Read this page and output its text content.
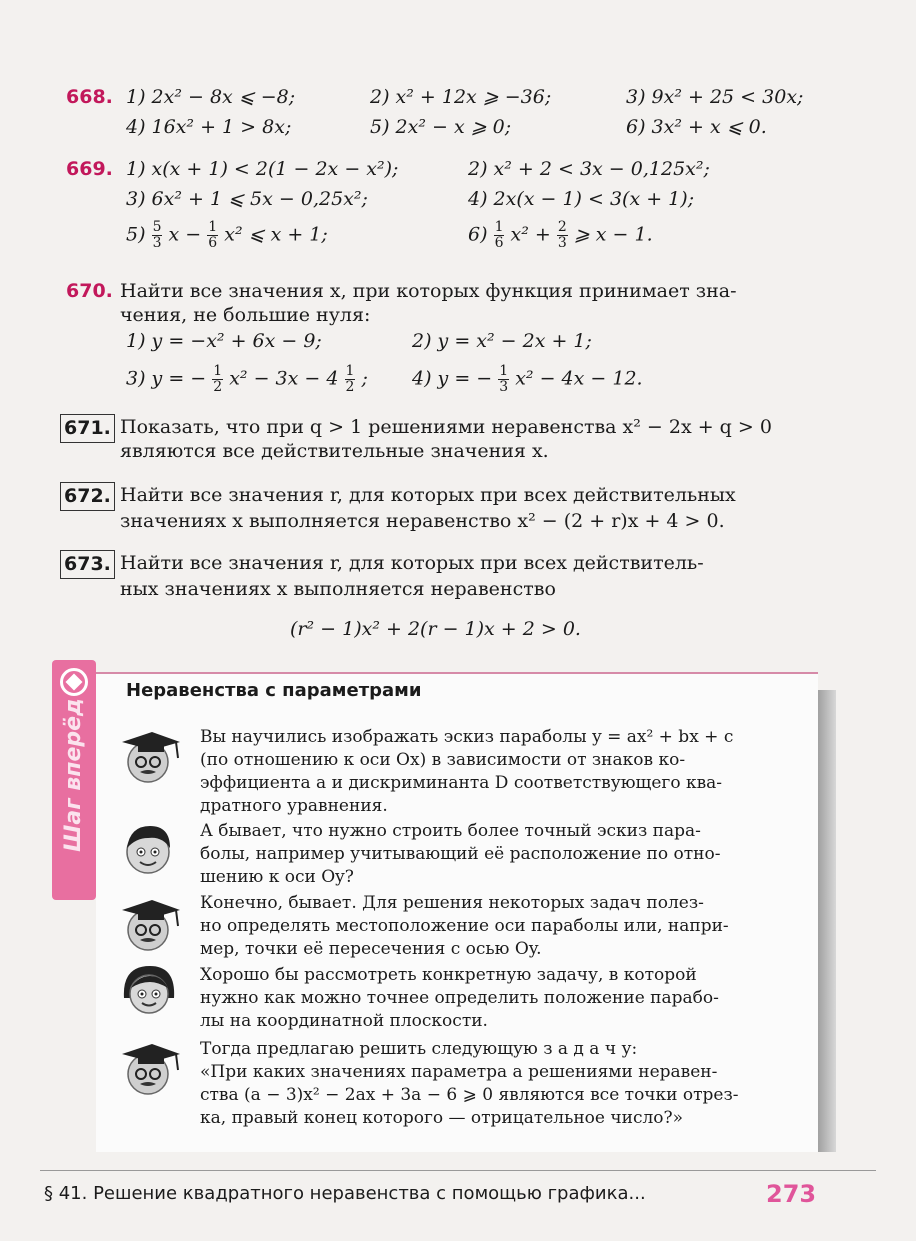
668. 1) 2x² − 8x ⩽ −8;	2) x² + 12x ⩾ −36;	3) 9x² + 25 < 30x;
4) 16x² + 1 > 8x;	5) 2x² − x ⩾ 0;	6) 3x² + x ⩽ 0.
669. 1) x(x + 1) < 2(1 − 2x − x²);	2) x² + 2 < 3x − 0,125x²;
3) 6x² + 1 ⩽ 5x − 0,25x²;	4) 2x(x − 1) < 3(x + 1);
$5) \frac{5}{3}$ $x - \frac{1}{6} x^2$ ⩽ x + 1;	$6) \frac{1}{6} x^2 + \frac{2}{3}$ ⩾ x − 1.
670. Найти все значения x, при которых функция принимает зна-
чения, не большие нуля:
1) y = −x² + 6x − 9;	2) y = x² − 2x + 1;
3) y = − $\frac{1}{2} x^2 - 3x - 4 \frac{1}{2}$ ; 4) y = − $\frac{1}{3} x^2 - 4x - 12$.
671. Показать, что при q > 1 решениями неравенства x² − 2x + q > 0
являются все действительные значения x.
672. Найти все значения r, для которых при всех действительных
значениях x выполняется неравенство x² − (2 + r)x + 4 > 0.
673. Найти все значения r, для которых при всех действитель-
ных значениях x выполняется неравенство
(r² − 1)x² + 2(r − 1)x + 2 > 0.
Шаг вперёд
Неравенства с параметрами
Вы научились изображать эскиз параболы y = ax² + bx + c
(по отношению к оси Ox) в зависимости от знаков ко-
эффициента a и дискриминанта D соответствующего ква-
дратного уравнения.
А бывает, что нужно строить более точный эскиз пара-
болы, например учитывающий её расположение по отно-
шению к оси Oy?
Конечно, бывает. Для решения некоторых задач полез-
но определять местоположение оси параболы или, напри-
мер, точки её пересечения с осью Oy.
Хорошо бы рассмотреть конкретную задачу, в которой
нужно как можно точнее определить положение парабо-
лы на координатной плоскости.
Тогда предлагаю решить следующую з а д а ч у:
«При каких значениях параметра a решениями неравен-
ства (a − 3)x² − 2ax + 3a − 6 ⩾ 0 являются все точки отрез-
ка, правый конец которого — отрицательное число?»
§ 41. Решение квадратного неравенства с помощью графика...	273
